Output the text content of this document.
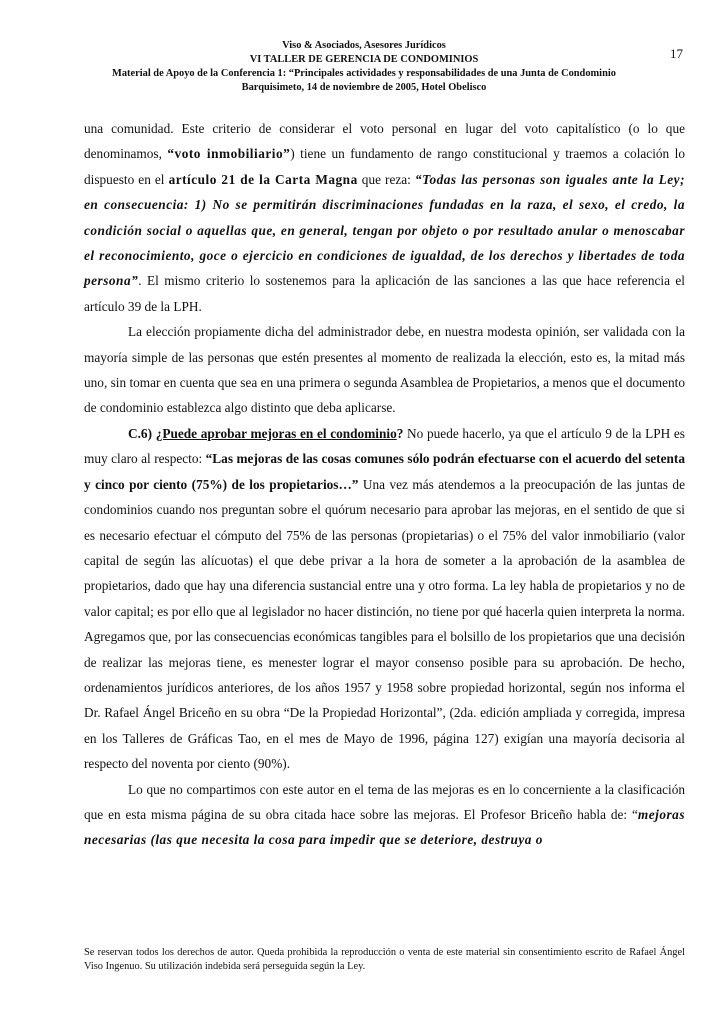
Viso & Asociados, Asesores Jurídicos
VI TALLER DE GERENCIA DE CONDOMINIOS
Material de Apoyo de la Conferencia 1: “Principales actividades y responsabilidades de una Junta de Condominio
Barquisimeto, 14 de noviembre de 2005, Hotel Obelisco
17

una comunidad. Este criterio de considerar el voto personal en lugar del voto capitalístico (o lo que denominamos, “voto inmobiliario”) tiene un fundamento de rango constitucional y traemos a colación lo dispuesto en el artículo 21 de la Carta Magna que reza: “Todas las personas son iguales ante la Ley; en consecuencia: 1) No se permitirán discriminaciones fundadas en la raza, el sexo, el credo, la condición social o aquellas que, en general, tengan por objeto o por resultado anular o menoscabar el reconocimiento, goce o ejercicio en condiciones de igualdad, de los derechos y libertades de toda persona”. El mismo criterio lo sostenemos para la aplicación de las sanciones a las que hace referencia el artículo 39 de la LPH.

La elección propiamente dicha del administrador debe, en nuestra modesta opinión, ser validada con la mayoría simple de las personas que estén presentes al momento de realizada la elección, esto es, la mitad más uno, sin tomar en cuenta que sea en una primera o segunda Asamblea de Propietarios, a menos que el documento de condominio establezca algo distinto que deba aplicarse.

C.6) ¿Puede aprobar mejoras en el condominio? No puede hacerlo, ya que el artículo 9 de la LPH es muy claro al respecto: “Las mejoras de las cosas comunes sólo podrán efectuarse con el acuerdo del setenta y cinco por ciento (75%) de los propietarios…” Una vez más atendemos a la preocupación de las juntas de condominios cuando nos preguntan sobre el quórum necesario para aprobar las mejoras, en el sentido de que si es necesario efectuar el cómputo del 75% de las personas (propietarias) o el 75% del valor inmobiliario (valor capital de según las alícuotas) el que debe privar a la hora de someter a la aprobación de la asamblea de propietarios, dado que hay una diferencia sustancial entre una y otro forma. La ley habla de propietarios y no de valor capital; es por ello que al legislador no hacer distinción, no tiene por qué hacerla quien interpreta la norma. Agregamos que, por las consecuencias económicas tangibles para el bolsillo de los propietarios que una decisión de realizar las mejoras tiene, es menester lograr el mayor consenso posible para su aprobación. De hecho, ordenamientos jurídicos anteriores, de los años 1957 y 1958 sobre propiedad horizontal, según nos informa el Dr. Rafael Ángel Briceño en su obra “De la Propiedad Horizontal”, (2da. edición ampliada y corregida, impresa en los Talleres de Gráficas Tao, en el mes de Mayo de 1996, página 127) exigían una mayoría decisoria al respecto del noventa por ciento (90%).

Lo que no compartimos con este autor en el tema de las mejoras es en lo concerniente a la clasificación que en esta misma página de su obra citada hace sobre las mejoras. El Profesor Briceño habla de: “mejoras necesarias (las que necesita la cosa para impedir que se deteriore, destruya o

Se reservan todos los derechos de autor. Queda prohibida la reproducción o venta de este material sin consentimiento escrito de Rafael Ángel Viso Ingenuo. Su utilización indebida será perseguida según la Ley.
